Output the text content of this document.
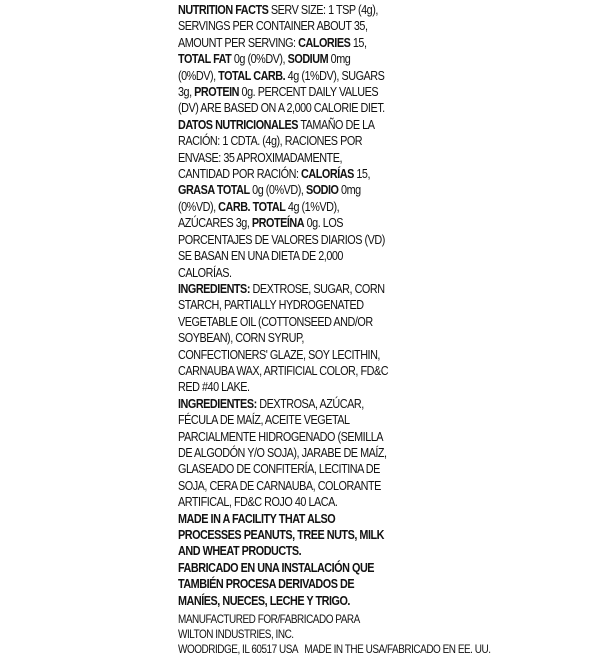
NUTRITION FACTS SERV SIZE: 1 TSP (4g), SERVINGS PER CONTAINER ABOUT 35, AMOUNT PER SERVING: CALORIES 15, TOTAL FAT 0g (0%DV), SODIUM 0mg (0%DV), TOTAL CARB. 4g (1%DV), SUGARS 3g, PROTEIN 0g. PERCENT DAILY VALUES (DV) ARE BASED ON A 2,000 CALORIE DIET.

DATOS NUTRICIONALES TAMAÑO DE LA RACIÓN: 1 CDTA. (4g), RACIONES POR ENVASE: 35 APROXIMADAMENTE, CANTIDAD POR RACIÓN: CALORÍAS 15, GRASA TOTAL 0g (0%VD), SODIO 0mg (0%VD), CARB. TOTAL 4g (1%VD), AZÚCARES 3g, PROTEÍNA 0g. LOS PORCENTAJES DE VALORES DIARIOS (VD) SE BASAN EN UNA DIETA DE 2,000 CALORÍAS.

INGREDIENTS: DEXTROSE, SUGAR, CORN STARCH, PARTIALLY HYDROGENATED VEGETABLE OIL (COTTONSEED AND/OR SOYBEAN), CORN SYRUP, CONFECTIONERS' GLAZE, SOY LECITHIN, CARNAUBA WAX, ARTIFICIAL COLOR, FD&C RED #40 LAKE.

INGREDIENTES: DEXTROSA, AZÚCAR, FÉCULA DE MAÍZ, ACEITE VEGETAL PARCIALMENTE HIDROGENADO (SEMILLA DE ALGODÓN Y/O SOJA), JARABE DE MAÍZ, GLASEADO DE CONFITERÍA, LECITINA DE SOJA, CERA DE CARNAUBA, COLORANTE ARTIFICAL, FD&C ROJO 40 LACA.

MADE IN A FACILITY THAT ALSO PROCESSES PEANUTS, TREE NUTS, MILK AND WHEAT PRODUCTS.

FABRICADO EN UNA INSTALACIÓN QUE TAMBIÉN PROCESA DERIVADOS DE MANÍES, NUECES, LECHE Y TRIGO.

MANUFACTURED FOR/FABRICADO PARA WILTON INDUSTRIES, INC.

WOODRIDGE, IL 60517 USA   MADE IN THE USA/FABRICADO EN EE. UU.
